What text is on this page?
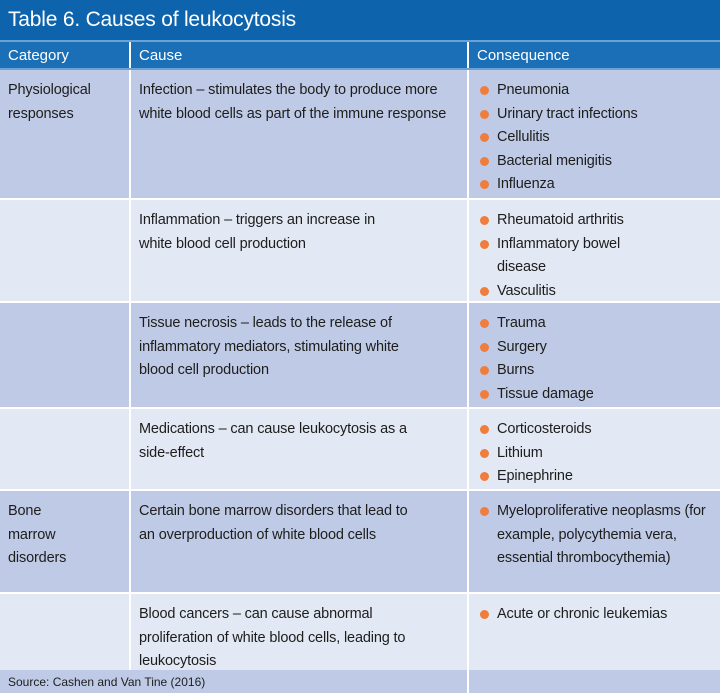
Table 6. Causes of leukocytosis
Category	Cause	Consequence
Physiological responses
Infection – stimulates the body to produce more white blood cells as part of the immune response
Pneumonia
Urinary tract infections
Cellulitis
Bacterial menigitis
Influenza
Inflammation – triggers an increase in white blood cell production
Rheumatoid arthritis
Inflammatory bowel disease
Vasculitis
Tissue necrosis – leads to the release of inflammatory mediators, stimulating white blood cell production
Trauma
Surgery
Burns
Tissue damage
Medications – can cause leukocytosis as a side-effect
Corticosteroids
Lithium
Epinephrine
Bone marrow disorders
Certain bone marrow disorders that lead to an overproduction of white blood cells
Myeloproliferative neoplasms (for example, polycythemia vera, essential thrombocythemia)
Blood cancers – can cause abnormal proliferation of white blood cells, leading to leukocytosis
Acute or chronic leukemias
Source: Cashen and Van Tine (2016)
